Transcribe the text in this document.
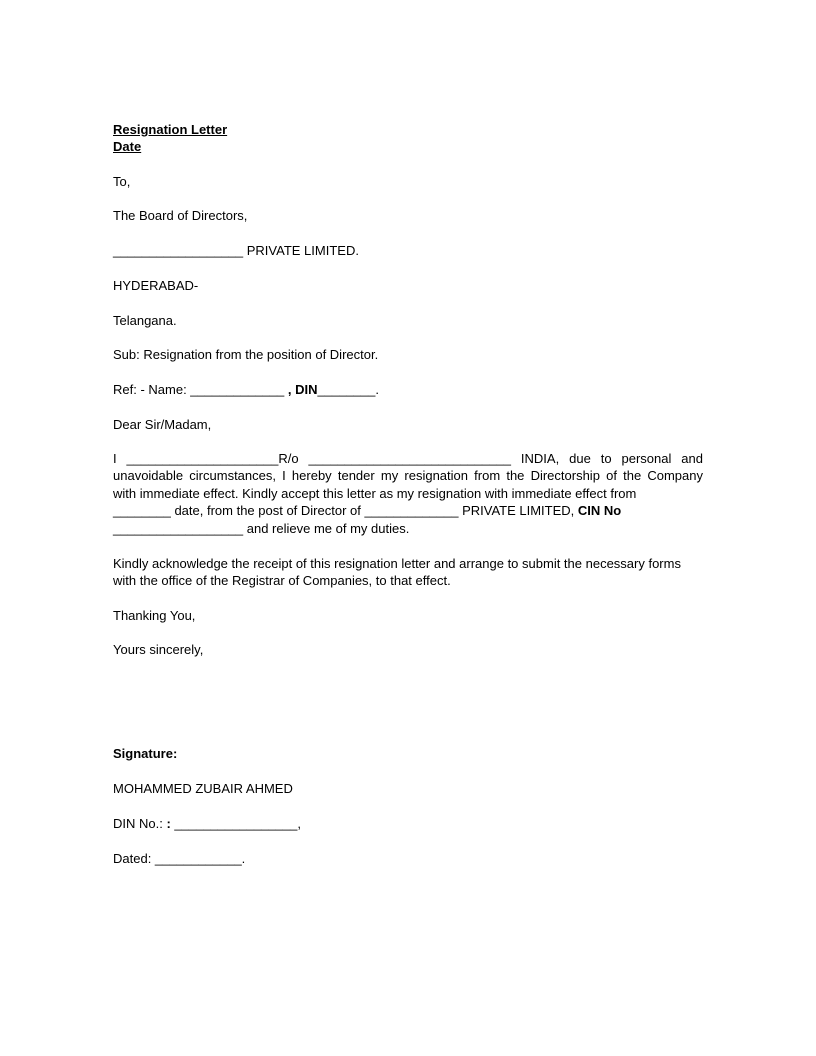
Resignation Letter
Date
To,
The Board of Directors,
__________________ PRIVATE LIMITED.
HYDERABAD-
Telangana.
Sub: Resignation from the position of Director.
Ref: - Name: _____________ , DIN________.
Dear Sir/Madam,
I _____________________R/o ____________________________ INDIA, due to personal and
unavoidable circumstances, I hereby tender my resignation from the Directorship of the Company
with immediate effect. Kindly accept this letter as my resignation with immediate effect from
________ date, from the post of Director of _____________ PRIVATE LIMITED, CIN No
__________________ and relieve me of my duties.
Kindly acknowledge the receipt of this resignation letter and arrange to submit the necessary forms
with the office of the Registrar of Companies, to that effect.
Thanking You,
Yours sincerely,
Signature:
MOHAMMED ZUBAIR AHMED
DIN No.: : _________________,
Dated: ____________.
